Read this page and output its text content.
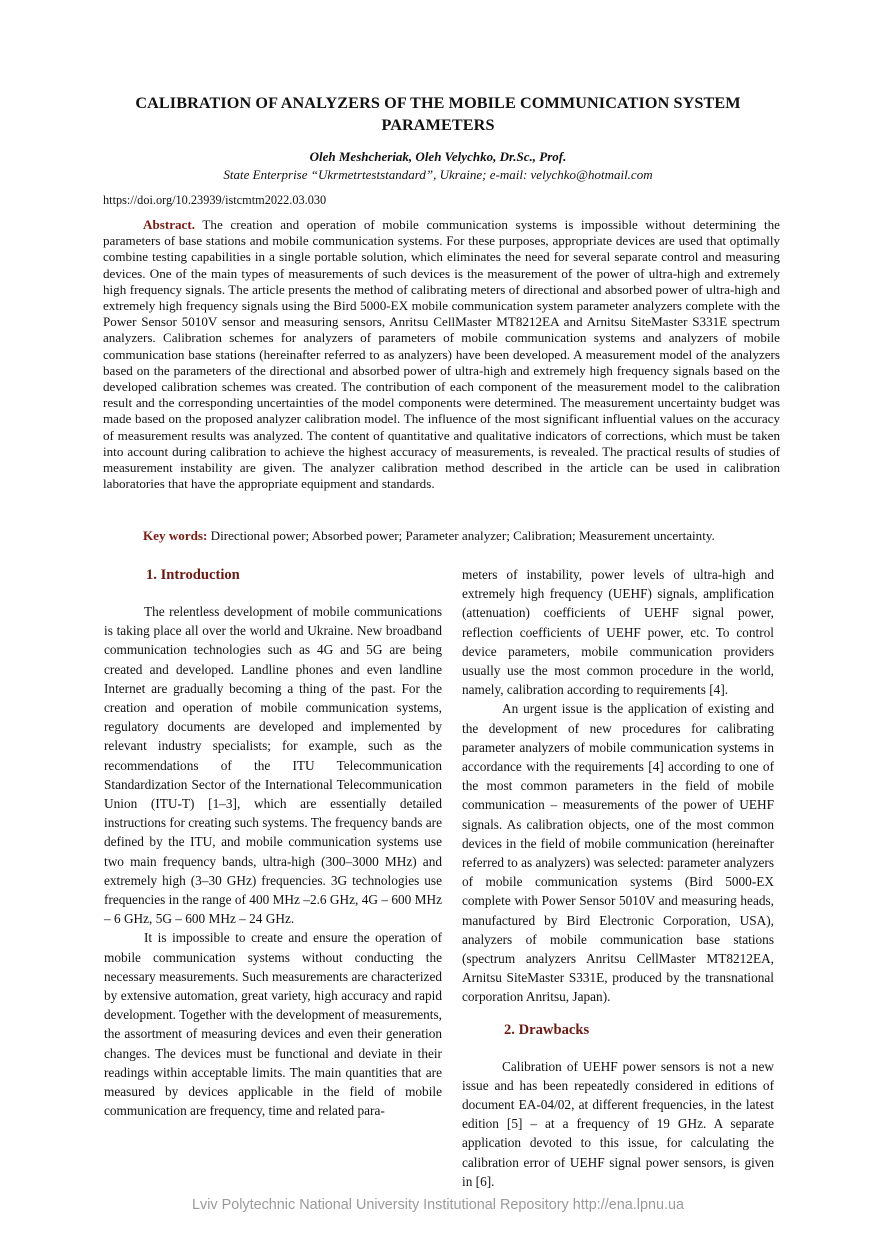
CALIBRATION OF ANALYZERS OF THE MOBILE COMMUNICATION SYSTEM PARAMETERS
Oleh Meshcheriak, Oleh Velychko, Dr.Sc., Prof.
State Enterprise “Ukrmetrteststandard”, Ukraine; e-mail: velychko@hotmail.com
https://doi.org/10.23939/istcmtm2022.03.030
Abstract. The creation and operation of mobile communication systems is impossible without determining the parameters of base stations and mobile communication systems. For these purposes, appropriate devices are used that optimally combine testing capabilities in a single portable solution, which eliminates the need for several separate control and measuring devices. One of the main types of measurements of such devices is the measurement of the power of ultra-high and extremely high frequency signals. The article presents the method of calibrating meters of directional and absorbed power of ultra-high and extremely high frequency signals using the Bird 5000-EX mobile communication system parameter analyzers complete with the Power Sensor 5010V sensor and measuring sensors, Anritsu CellMaster MT8212EA and Arnitsu SiteMaster S331E spectrum analyzers. Calibration schemes for analyzers of parameters of mobile communication systems and analyzers of mobile communication base stations (hereinafter referred to as analyzers) have been developed. A measurement model of the analyzers based on the parameters of the directional and absorbed power of ultra-high and extremely high frequency signals based on the developed calibration schemes was created. The contribution of each component of the measurement model to the calibration result and the corresponding uncertainties of the model components were determined. The measurement uncertainty budget was made based on the proposed analyzer calibration model. The influence of the most significant influential values on the accuracy of measurement results was analyzed. The content of quantitative and qualitative indicators of corrections, which must be taken into account during calibration to achieve the highest accuracy of measurements, is revealed. The practical results of studies of measurement instability are given. The analyzer calibration method described in the article can be used in calibration laboratories that have the appropriate equipment and standards.
Key words: Directional power; Absorbed power; Parameter analyzer; Calibration; Measurement uncertainty.
1. Introduction

The relentless development of mobile communications is taking place all over the world and Ukraine. New broadband communication technologies such as 4G and 5G are being created and developed. Landline phones and even landline Internet are gradually becoming a thing of the past. For the creation and operation of mobile communication systems, regulatory documents are developed and implemented by relevant industry specialists; for example, such as the recommendations of the ITU Telecommunication Standardization Sector of the International Telecommunication Union (ITU-T) [1–3], which are essentially detailed instructions for creating such systems. The frequency bands are defined by the ITU, and mobile communication systems use two main frequency bands, ultra-high (300–3000 MHz) and extremely high (3–30 GHz) frequencies. 3G technologies use frequencies in the range of 400 MHz –2.6 GHz, 4G – 600 MHz – 6 GHz, 5G – 600 MHz – 24 GHz.

It is impossible to create and ensure the operation of mobile communication systems without conducting the necessary measurements. Such measurements are characterized by extensive automation, great variety, high accuracy and rapid development. Together with the development of measurements, the assortment of measuring devices and even their generation changes. The devices must be functional and deviate in their readings within acceptable limits. The main quantities that are measured by devices applicable in the field of mobile communication are frequency, time and related para-

meters of instability, power levels of ultra-high and extremely high frequency (UEHF) signals, amplification (attenuation) coefficients of UEHF signal power, reflection coefficients of UEHF power, etc. To control device parameters, mobile communication providers usually use the most common procedure in the world, namely, calibration according to requirements [4].

An urgent issue is the application of existing and the development of new procedures for calibrating parameter analyzers of mobile communication systems in accordance with the requirements [4] according to one of the most common parameters in the field of mobile communication – measurements of the power of UEHF signals. As calibration objects, one of the most common devices in the field of mobile communication (hereinafter referred to as analyzers) was selected: parameter analyzers of mobile communication systems (Bird 5000-EX complete with Power Sensor 5010V and measuring heads, manufactured by Bird Electronic Corporation, USA), analyzers of mobile communication base stations (spectrum analyzers Anritsu CellMaster MT8212EA, Arnitsu SiteMaster S331E, produced by the transnational corporation Anritsu, Japan).

2. Drawbacks

Calibration of UEHF power sensors is not a new issue and has been repeatedly considered in editions of document EA-04/02, at different frequencies, in the latest edition [5] – at a frequency of 19 GHz. A separate application devoted to this issue, for calculating the calibration error of UEHF signal power sensors, is given in [6].

Lviv Polytechnic National University Institutional Repository http://ena.lpnu.ua
